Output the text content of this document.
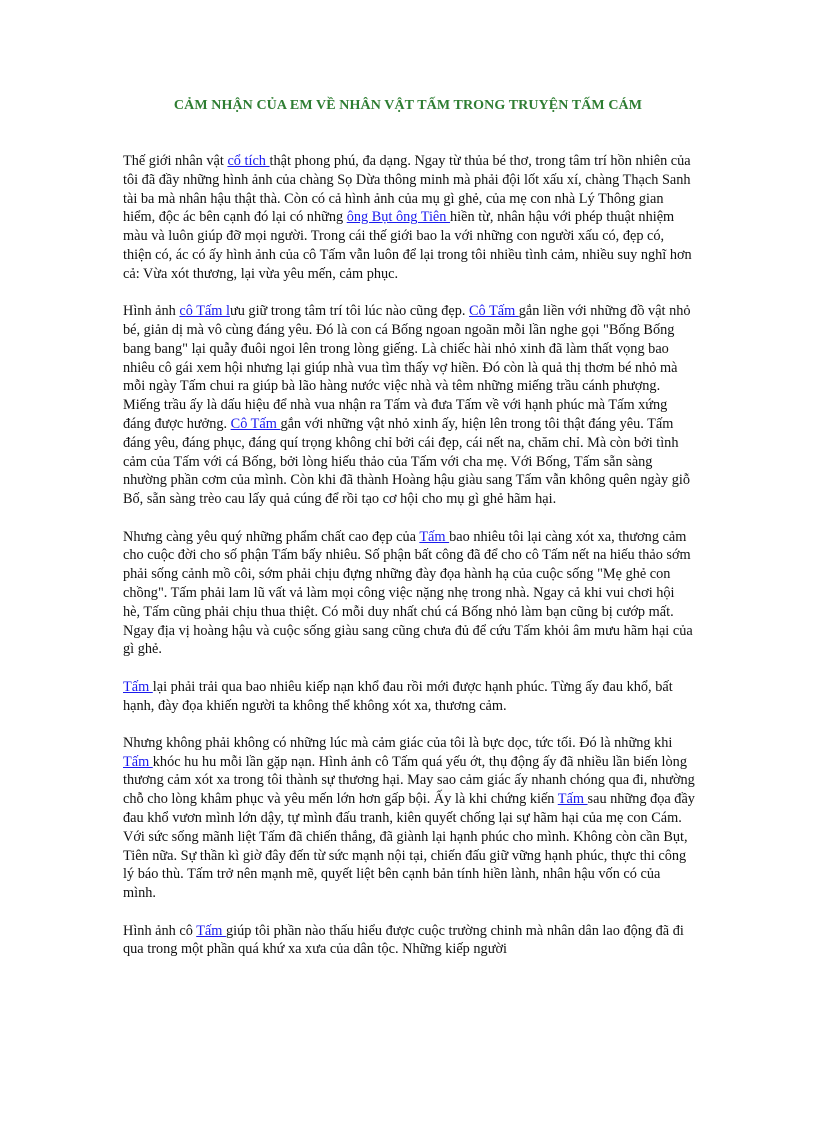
CẢM NHẬN CỦA EM VỀ NHÂN VẬT TẤM TRONG TRUYỆN TẤM CÁM

Thế giới nhân vật cổ tích thật phong phú, đa dạng. Ngay từ thủa bé thơ, trong tâm trí hồn nhiên của tôi đã đầy những hình ảnh của chàng Sọ Dừa thông minh mà phải đội lốt xấu xí, chàng Thạch Sanh tài ba mà nhân hậu thật thà. Còn có cả hình ảnh của mụ gì ghẻ, của mẹ con nhà Lý Thông gian hiểm, độc ác bên cạnh đó lại có những ông Bụt ông Tiên hiền từ, nhân hậu với phép thuật nhiệm màu và luôn giúp đỡ mọi người. Trong cái thế giới bao la với những con người xấu có, đẹp có, thiện có, ác có ấy hình ảnh của cô Tấm vẫn luôn để lại trong tôi nhiều tình cảm, nhiều suy nghĩ hơn cả: Vừa xót thương, lại vừa yêu mến, cảm phục.

Hình ảnh cô Tấm lưu giữ trong tâm trí tôi lúc nào cũng đẹp. Cô Tấm gắn liền với những đồ vật nhỏ bé, giản dị mà vô cùng đáng yêu. Đó là con cá Bống ngoan ngoãn mỗi lần nghe gọi "Bống Bống bang bang" lại quẫy đuôi ngoi lên trong lòng giếng. Là chiếc hài nhỏ xinh đã làm thất vọng bao nhiêu cô gái xem hội nhưng lại giúp nhà vua tìm thấy vợ hiền. Đó còn là quả thị thơm bé nhỏ mà mỗi ngày Tấm chui ra giúp bà lão hàng nước việc nhà và têm những miếng trầu cánh phượng. Miếng trầu ấy là dấu hiệu để nhà vua nhận ra Tấm và đưa Tấm về với hạnh phúc mà Tấm xứng đáng được hưởng. Cô Tấm gắn với những vật nhỏ xinh ấy, hiện lên trong tôi thật đáng yêu. Tấm đáng yêu, đáng phục, đáng quí trọng không chỉ bởi cái đẹp, cái nết na, chăm chỉ. Mà còn bởi tình cảm của Tấm với cá Bống, bởi lòng hiếu thảo của Tấm với cha mẹ. Với Bống, Tấm sẵn sàng nhường phần cơm của mình. Còn khi đã thành Hoàng hậu giàu sang Tấm vẫn không quên ngày giỗ Bố, sẵn sàng trèo cau lấy quả cúng để rồi tạo cơ hội cho mụ gì ghẻ hãm hại.

Nhưng càng yêu quý những phẩm chất cao đẹp của Tấm bao nhiêu tôi lại càng xót xa, thương cảm cho cuộc đời cho số phận Tấm bấy nhiêu. Số phận bất công đã để cho cô Tấm nết na hiếu thảo sớm phải sống cảnh mồ côi, sớm phải chịu đựng những đày đọa hành hạ của cuộc sống "Mẹ ghẻ con chồng". Tấm phải lam lũ vất vả làm mọi công việc nặng nhẹ trong nhà. Ngay cả khi vui chơi hội hè, Tấm cũng phải chịu thua thiệt. Có mỗi duy nhất chú cá Bống nhỏ làm bạn cũng bị cướp mất. Ngay địa vị hoàng hậu và cuộc sống giàu sang cũng chưa đủ để cứu Tấm khỏi âm mưu hãm hại của gì ghẻ.

Tấm lại phải trải qua bao nhiêu kiếp nạn khổ đau rồi mới được hạnh phúc. Từng ấy đau khổ, bất hạnh, đày đọa khiến người ta không thể không xót xa, thương cảm.

Nhưng không phải không có những lúc mà cảm giác của tôi là bực dọc, tức tối. Đó là những khi Tấm khóc hu hu mỗi lần gặp nạn. Hình ảnh cô Tấm quá yếu ớt, thụ động ấy đã nhiều lần biến lòng thương cảm xót xa trong tôi thành sự thương hại. May sao cảm giác ấy nhanh chóng qua đi, nhường chỗ cho lòng khâm phục và yêu mến lớn hơn gấp bội. Ấy là khi chứng kiến Tấm sau những đọa đầy đau khổ vươn mình lớn dậy, tự mình đấu tranh, kiên quyết chống lại sự hãm hại của mẹ con Cám. Với sức sống mãnh liệt Tấm đã chiến thắng, đã giành lại hạnh phúc cho mình. Không còn cần Bụt, Tiên nữa. Sự thần kì giờ đây đến từ sức mạnh nội tại, chiến đấu giữ vững hạnh phúc, thực thi công lý báo thù. Tấm trở nên mạnh mẽ, quyết liệt bên cạnh bản tính hiền lành, nhân hậu vốn có của mình.

Hình ảnh cô Tấm giúp tôi phần nào thấu hiểu được cuộc trường chinh mà nhân dân lao động đã đi qua trong một phần quá khứ xa xưa của dân tộc. Những kiếp người
